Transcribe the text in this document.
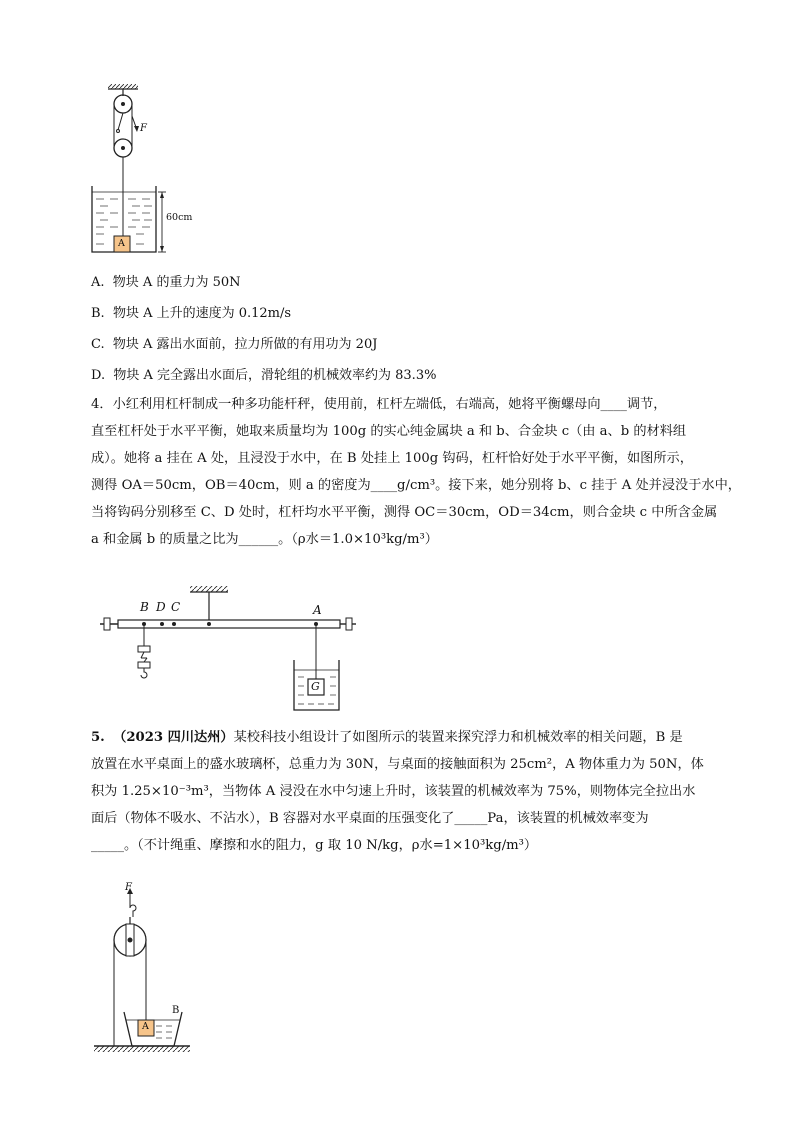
F
60cm
A
A. 物块 A 的重力为 50N
B. 物块 A 上升的速度为 0.12m/s
C. 物块 A 露出水面前，拉力所做的有用功为 20J
D. 物块 A 完全露出水面后，滑轮组的机械效率约为 83.3%
4．小红利用杠杆制成一种多功能杆秤，使用前，杠杆左端低，右端高，她将平衡螺母向____调节，
直至杠杆处于水平平衡，她取来质量均为 100g 的实心纯金属块 a 和 b、合金块 c（由 a、b 的材料组
成）。她将 a 挂在 A 处，且浸没于水中，在 B 处挂上 100g 钩码，杠杆恰好处于水平平衡，如图所示，
测得 OA＝50cm，OB＝40cm，则 a 的密度为____g/cm³。接下来，她分别将 b、c 挂于 A 处并浸没于水中，
当将钩码分别移至 C、D 处时，杠杆均水平平衡，测得 OC＝30cm，OD＝34cm，则合金块 c 中所含金属
a 和金属 b 的质量之比为______。（ρ水＝1.0×10³kg/m³）
B D C	A
G
5. （2023 四川达州）某校科技小组设计了如图所示的装置来探究浮力和机械效率的相关问题，B 是
放置在水平桌面上的盛水玻璃杯，总重力为 30N，与桌面的接触面积为 25cm²，A 物体重力为 50N，体
积为 1.25×10⁻³m³，当物体 A 浸没在水中匀速上升时，该装置的机械效率为 75%，则物体完全拉出水
面后（物体不吸水、不沾水），B 容器对水平桌面的压强变化了_____Pa，该装置的机械效率变为
_____。（不计绳重、摩擦和水的阻力，g 取 10 N/kg，ρ水=1×10³kg/m³）
F
B
A
